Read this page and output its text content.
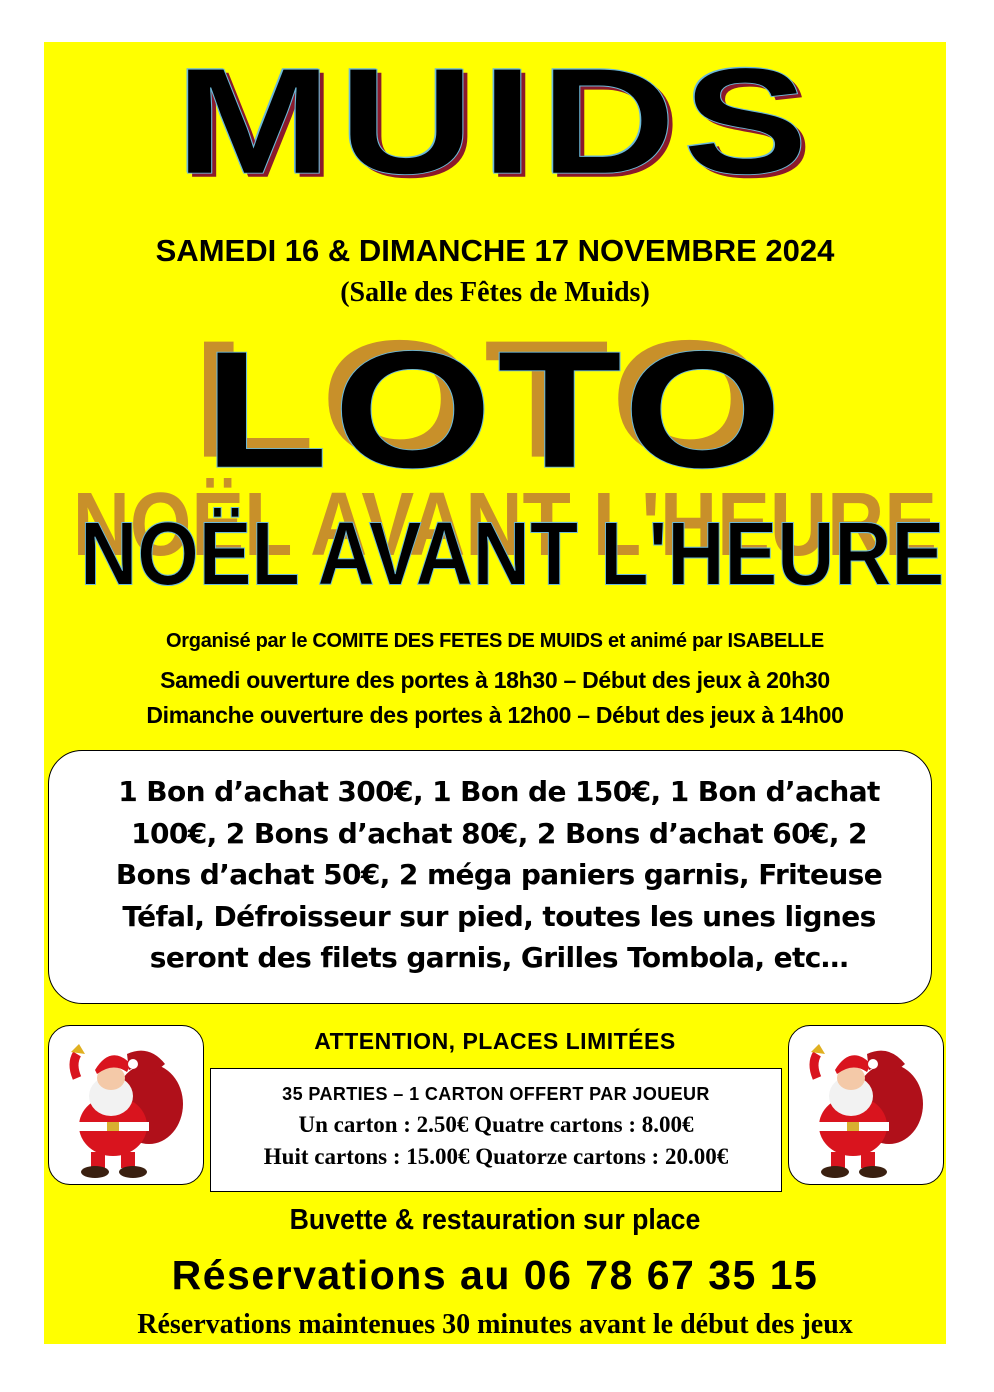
MUIDS
SAMEDI 16 & DIMANCHE 17 NOVEMBRE 2024
(Salle des Fêtes de Muids)
LOTO
NOËL AVANT L'HEURE
Organisé par le COMITE DES FETES DE MUIDS et animé par ISABELLE
Samedi ouverture des portes à 18h30 – Début des jeux à 20h30
Dimanche ouverture des portes à 12h00 – Début des jeux à 14h00
1 Bon d’achat 300€, 1 Bon de 150€, 1 Bon d’achat
100€, 2 Bons d’achat 80€, 2 Bons d’achat 60€, 2
Bons d’achat 50€, 2 méga paniers garnis, Friteuse
Téfal, Défroisseur sur pied, toutes les unes lignes
seront des filets garnis, Grilles Tombola, etc…
ATTENTION, PLACES LIMITÉES
35 PARTIES – 1 CARTON OFFERT PAR JOUEUR
Un carton : 2.50€ Quatre cartons : 8.00€
Huit cartons : 15.00€ Quatorze cartons : 20.00€
Buvette & restauration sur place
Réservations au 06 78 67 35 15
Réservations maintenues 30 minutes avant le début des jeux
